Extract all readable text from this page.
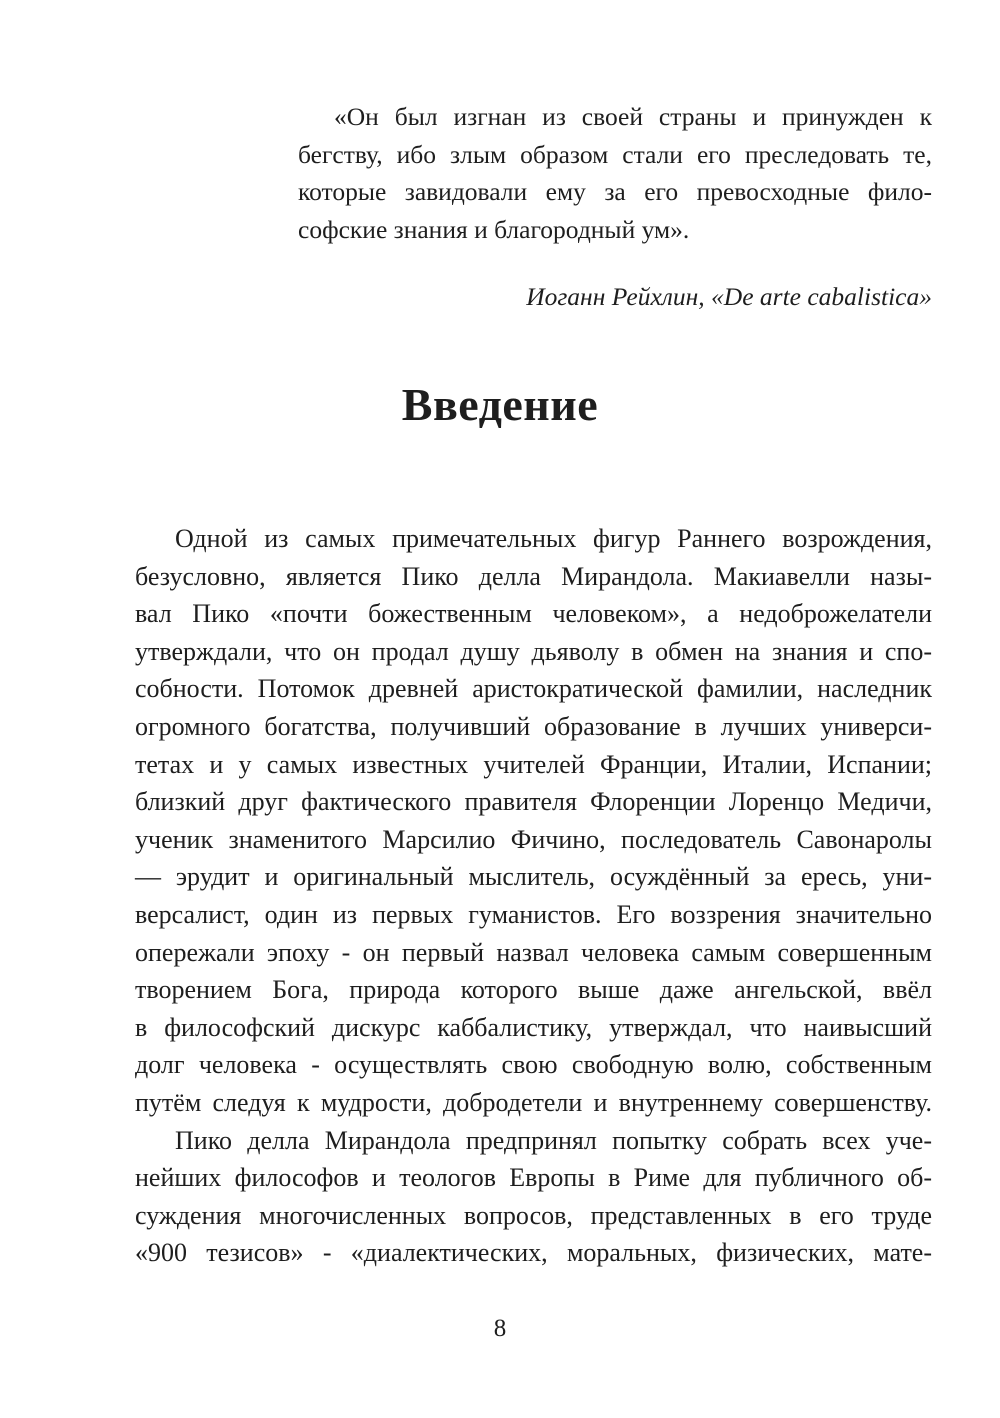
«Он был изгнан из своей страны и принужден к
бегству, ибо злым образом стали его преследовать те,
которые завидовали ему за его превосходные фило-
софские знания и благородный ум».

Иоганн Рейхлин, «De arte cabalistica»

Введение

Одной из самых примечательных фигур Раннего возрождения,
безусловно, является Пико делла Мирандола. Макиавелли назы-
вал Пико «почти божественным человеком», а недоброжелатели
утверждали, что он продал душу дьяволу в обмен на знания и спо-
собности. Потомок древней аристократической фамилии, наследник
огромного богатства, получивший образование в лучших универси-
тетах и у самых известных учителей Франции, Италии, Испании;
близкий друг фактического правителя Флоренции Лоренцо Медичи,
ученик знаменитого Марсилио Фичино, последователь Савонаролы
— эрудит и оригинальный мыслитель, осуждённый за ересь, уни-
версалист, один из первых гуманистов. Его воззрения значительно
опережали эпоху - он первый назвал человека самым совершенным
творением Бога, природа которого выше даже ангельской, ввёл
в философский дискурс каббалистику, утверждал, что наивысший
долг человека - осуществлять свою свободную волю, собственным
путём следуя к мудрости, добродетели и внутреннему совершенству.

Пико делла Мирандола предпринял попытку собрать всех уче-
нейших философов и теологов Европы в Риме для публичного об-
суждения многочисленных вопросов, представленных в его труде
«900 тезисов» - «диалектических, моральных, физических, мате-

8
